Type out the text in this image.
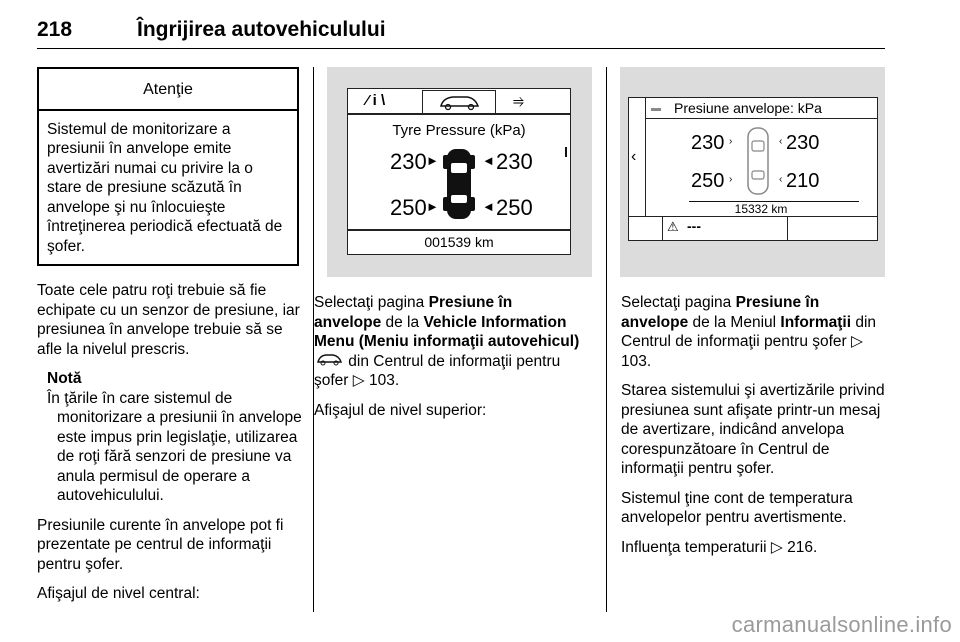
218	Îngrijirea autovehiculului
Atenţie
Sistemul de monitorizare a presiunii în anvelope emite avertizări numai cu privire la o stare de presiune scăzută în anvelope şi nu înlocuieşte întreţinerea periodică efectuată de şofer.

Toate cele patru roţi trebuie să fie echipate cu un senzor de presiune, iar presiunea în anvelope trebuie să se afle la nivelul prescris.

Notă
În ţările în care sistemul de
monitorizare a presiunii în anvelope este impus prin legislaţie, utilizarea de roţi fără senzori de presiune va anula permisul de operare a autovehiculului.

Presiunile curente în anvelope pot fi prezentate pe centrul de informaţii pentru şofer.

Afişajul de nivel central:

⁄ i \	⥤
Tyre Pressure (kPa)
230 ►	230
◄
250 ►	250
◄
001539 km

Selectaţi pagina Presiune în anvelope de la Vehicle Information Menu (Meniu informaţii autovehicul)  din Centrul de informaţii pentru şofer ▷ 103.

Afişajul de nivel superior:

‹
▬ Presiune anvelope: kPa
230 ›	230
‹
250 ›	210
‹
15332 km
⚠ ---

Selectaţi pagina Presiune în anvelope de la Meniul Informaţii din Centrul de informaţii pentru şofer ▷ 103.

Starea sistemului şi avertizările privind presiunea sunt afişate printr-un mesaj de avertizare, indicând anvelopa corespunzătoare în Centrul de informaţii pentru şofer.

Sistemul ţine cont de temperatura anvelopelor pentru avertismente.

Influenţa temperaturii ▷ 216.

carmanualsonline.info
